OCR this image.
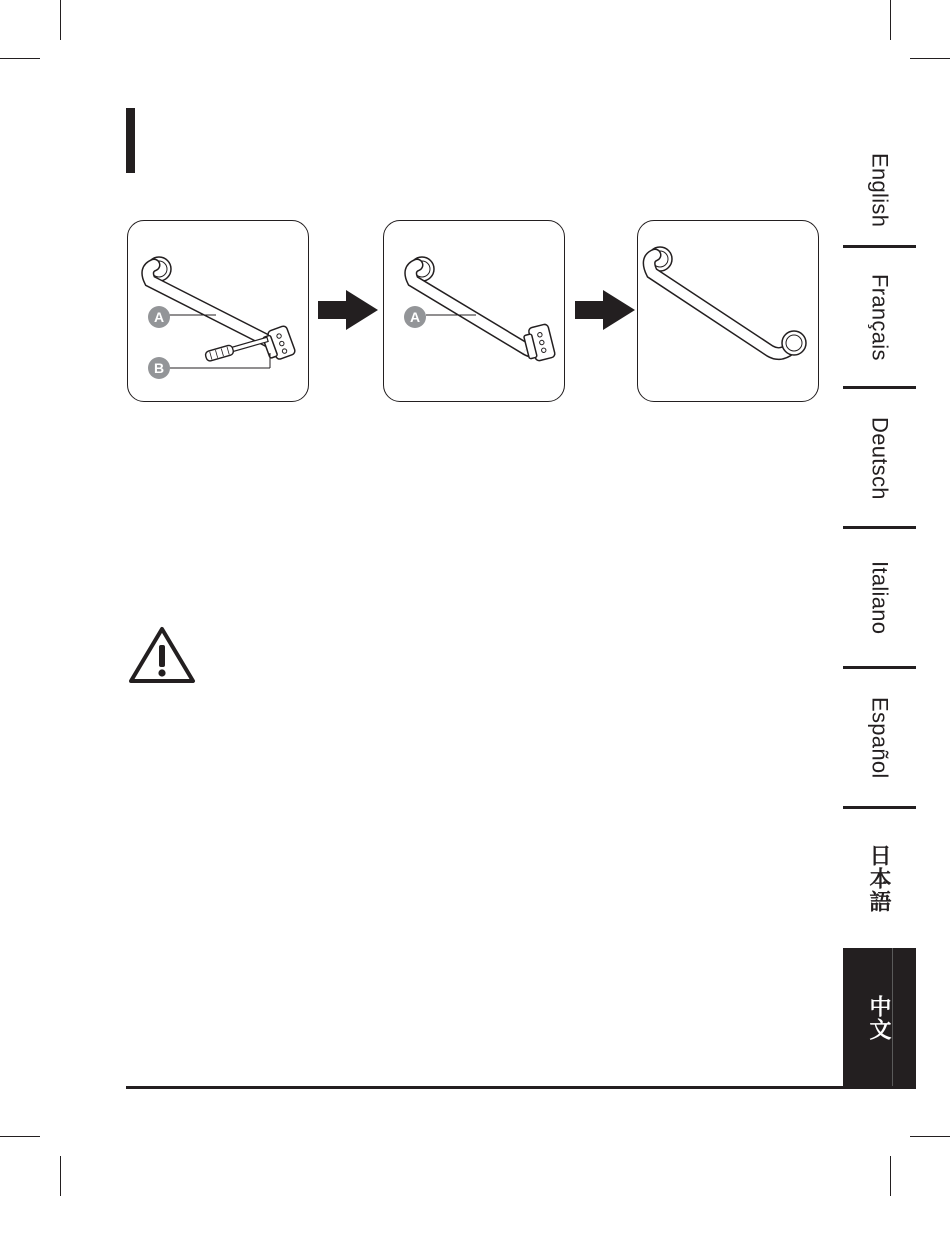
A
B
A
English
Français
Deutsch
Italiano
Español
日本語
中文
